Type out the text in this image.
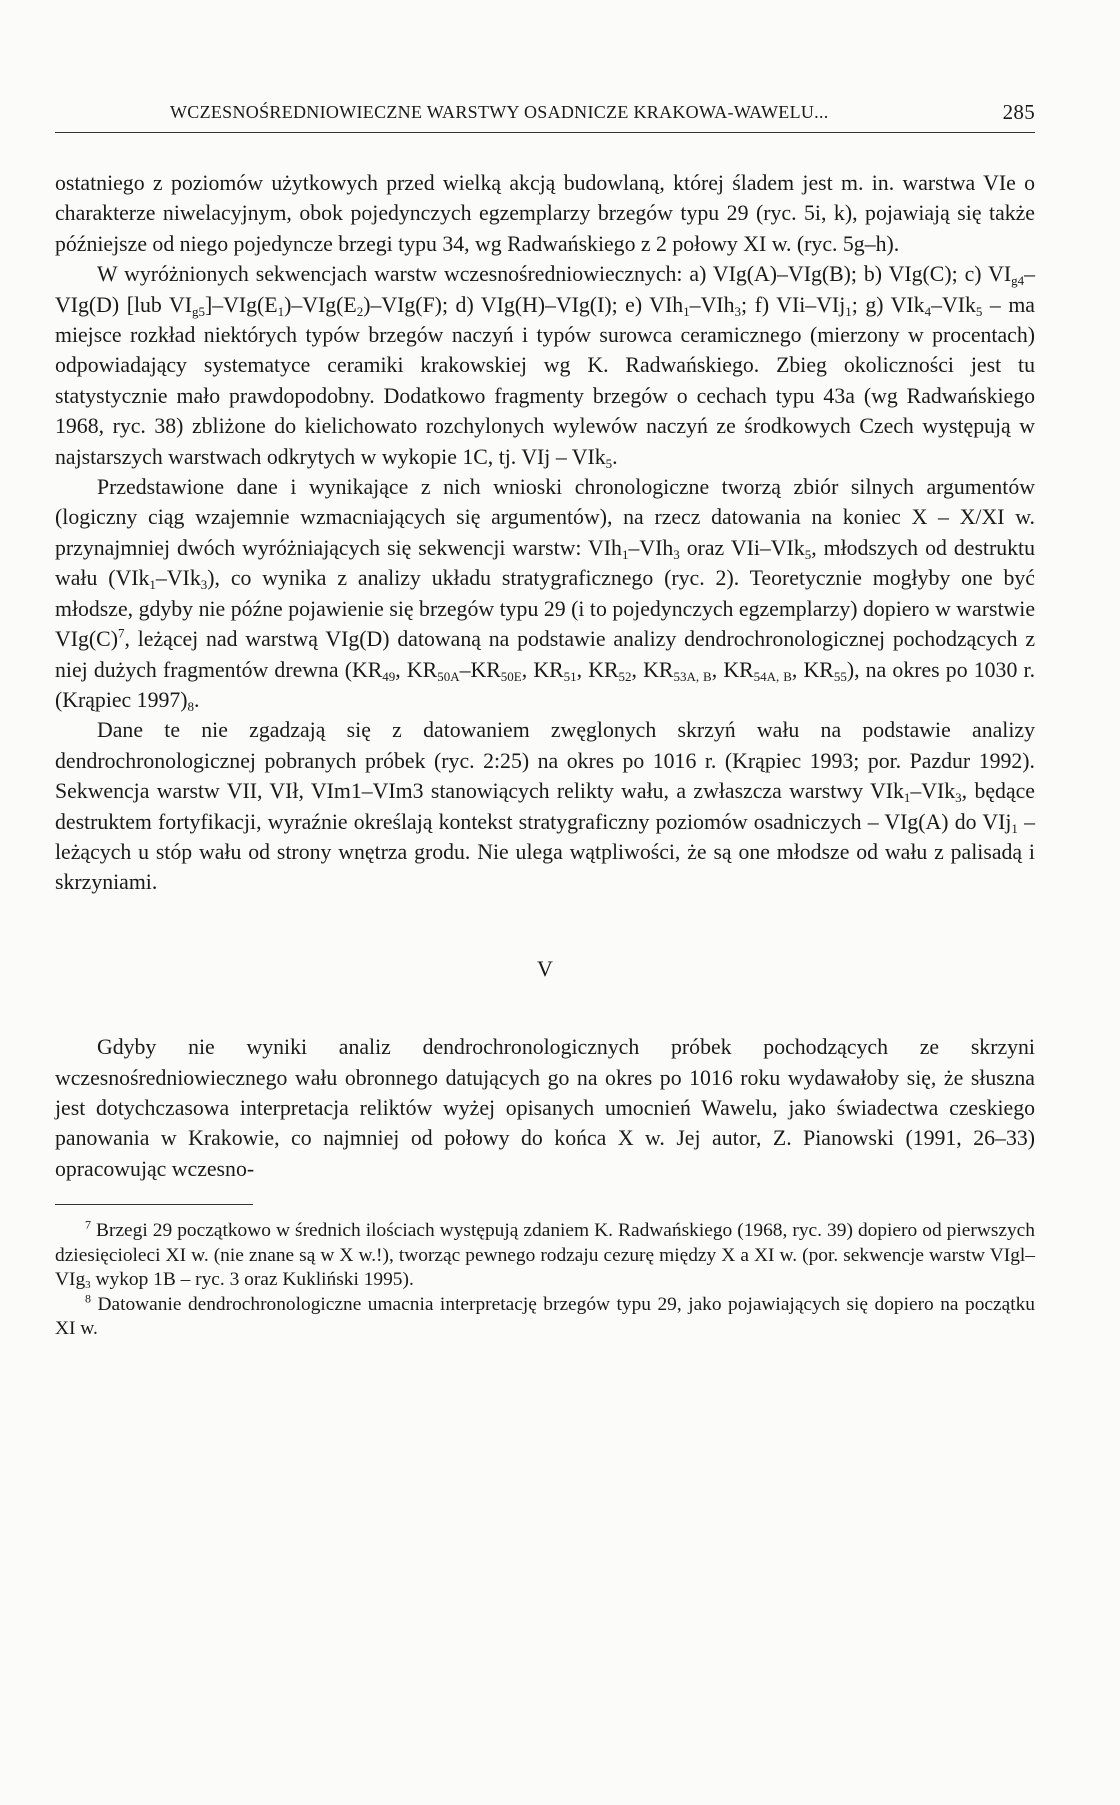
WCZESNOŚREDNIOWIECZNE WARSTWY OSADNICZE KRAKOWA-WAWELU...	285

ostatniego z poziomów użytkowych przed wielką akcją budowlaną, której śladem jest m. in. warstwa VIe o charakterze niwelacyjnym, obok pojedynczych egzemplarzy brzegów typu 29 (ryc. 5i, k), pojawiają się także późniejsze od niego pojedyncze brzegi typu 34, wg Radwańskiego z 2 połowy XI w. (ryc. 5g–h).

W wyróżnionych sekwencjach warstw wczesnośredniowiecznych: a) VIg(A)–VIg(B); b) VIg(C); c) $VI_{g4}-VIg(D)$ [lub $VI_{g5}]-VIg(E_1)-VIg(E_2)-VIg(F)$; d) VIg(H)–VIg(I); e) VIh$_1$–VIh$_3$; f) VIi–VIj$_1$; g) VIk$_4$–VIk$_5$ – ma miejsce rozkład niektórych typów brzegów naczyń i typów surowca ceramicznego (mierzony w procentach) odpowiadający systematyce ceramiki krakowskiej wg K. Radwańskiego. Zbieg okoliczności jest tu statystycznie mało prawdopodobny. Dodatkowo fragmenty brzegów o cechach typu 43a (wg Radwańskiego 1968, ryc. 38) zbliżone do kielichowato rozchylonych wylewów naczyń ze środkowych Czech występują w najstarszych warstwach odkrytych w wykopie 1C, tj. VIj – VIk$_5$.

Przedstawione dane i wynikające z nich wnioski chronologiczne tworzą zbiór silnych argumentów (logiczny ciąg wzajemnie wzmacniających się argumentów), na rzecz datowania na koniec X – X/XI w. przynajmniej dwóch wyróżniających się sekwencji warstw: VIh$_1$–VIh$_3$ oraz VIi–VIk$_5$, młodszych od destruktu wału (VIk$_1$–VIk$_3$), co wynika z analizy układu stratygraficznego (ryc. 2). Teoretycznie mogłyby one być młodsze, gdyby nie późne pojawienie się brzegów typu 29 (i to pojedynczych egzemplarzy) dopiero w warstwie $VIg(C)^7$, leżącej nad warstwą VIg(D) datowaną na podstawie analizy dendrochronologicznej pochodzących z niej dużych fragmentów drewna ($KR_{49}$, $KR_{50A}-KR_{50E}$, $KR_{51}$, $KR_{52}$, $KR_{53A, B}$, $KR_{54A, B}$, $KR_{55}$), na okres po 1030 r. (Krąpiec $1997)_8$.

Dane te nie zgadzają się z datowaniem zwęglonych skrzyń wału na podstawie analizy dendrochronologicznej pobranych próbek (ryc. 2:25) na okres po 1016 r. (Krąpiec 1993; por. Pazdur 1992). Sekwencja warstw VII, VIł, VIm1–VIm3 stanowiących relikty wału, a zwłaszcza warstwy VIk$_1$–VIk$_3$, będące destruktem fortyfikacji, wyraźnie określają kontekst stratygraficzny poziomów osadniczych – VIg(A) do VIj$_1$ – leżących u stóp wału od strony wnętrza grodu. Nie ulega wątpliwości, że są one młodsze od wału z palisadą i skrzyniami.

V

Gdyby nie wyniki analiz dendrochronologicznych próbek pochodzących ze skrzyni wczesnośredniowiecznego wału obronnego datujących go na okres po 1016 roku wydawałoby się, że słuszna jest dotychczasowa interpretacja reliktów wyżej opisanych umocnień Wawelu, jako świadectwa czeskiego panowania w Krakowie, co najmniej od połowy do końca X w. Jej autor, Z. Pianowski (1991, 26–33) opracowując wczesno-

$^7$ Brzegi 29 początkowo w średnich ilościach występują zdaniem K. Radwańskiego (1968, ryc. 39) dopiero od pierwszych dziesięcioleci XI w. (nie znane są w X w.!), tworząc pewnego rodzaju cezurę między X a XI w. (por. sekwencje warstw VIgl–VIg$_3$ wykop 1B – ryc. 3 oraz Kukliński 1995).

$^8$ Datowanie dendrochronologiczne umacnia interpretację brzegów typu 29, jako pojawiających się dopiero na początku XI w.
